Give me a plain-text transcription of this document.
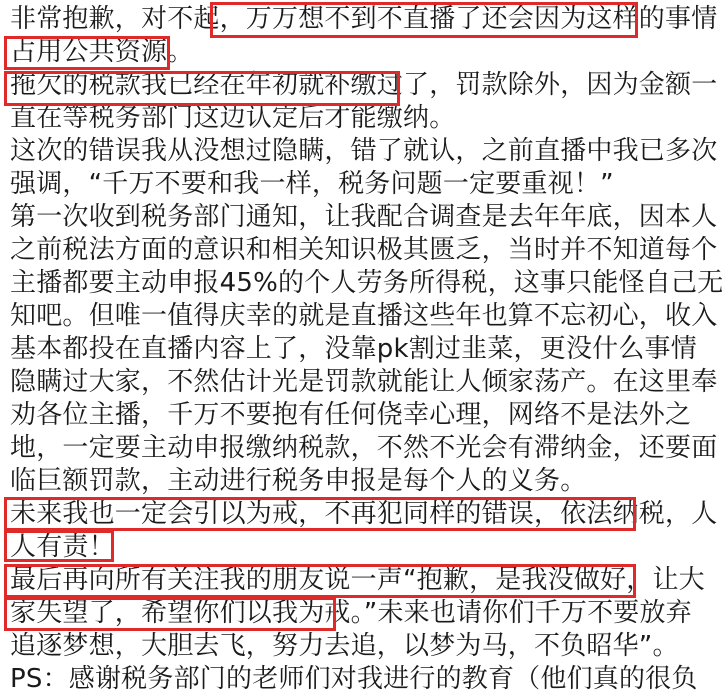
非常抱歉，对不起，万万想不到不直播了还会因为这样的事情
占用公共资源。
拖欠的税款我已经在年初就补缴过了，罚款除外，因为金额一
直在等税务部门这边认定后才能缴纳。
这次的错误我从没想过隐瞒，错了就认，之前直播中我已多次
强调，“千万不要和我一样，税务问题一定要重视！”
第一次收到税务部门通知，让我配合调查是去年年底，因本人
之前税法方面的意识和相关知识极其匮乏，当时并不知道每个
主播都要主动申报45%的个人劳务所得税，这事只能怪自己无
知吧。但唯一值得庆幸的就是直播这些年也算不忘初心，收入
基本都投在直播内容上了，没靠pk割过韭菜，更没什么事情
隐瞒过大家，不然估计光是罚款就能让人倾家荡产。在这里奉
劝各位主播，千万不要抱有任何侥幸心理，网络不是法外之
地，一定要主动申报缴纳税款，不然不光会有滞纳金，还要面
临巨额罚款，主动进行税务申报是每个人的义务。
未来我也一定会引以为戒，不再犯同样的错误，依法纳税，人
人有责！
最后再向所有关注我的朋友说一声“抱歉，是我没做好，让大
家失望了，希望你们以我为戒。”未来也请你们千万不要放弃
追逐梦想，大胆去飞，努力去追，以梦为马，不负昭华”。
PS：感谢税务部门的老师们对我进行的教育（他们真的很负
